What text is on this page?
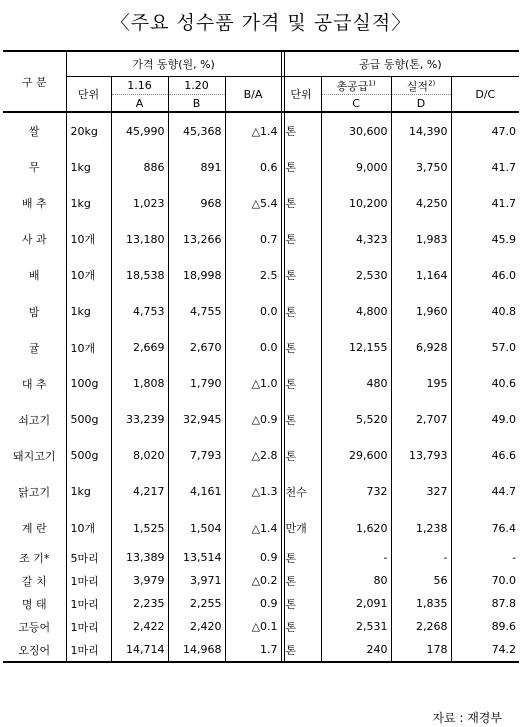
〈주요 성수품 가격 및 공급실적〉
구 분	가격 동향(원, %)				공급 동향(톤, %)			
	단위	1.16	1.20	B/A	단위	총공급$^{1)}$	실적$^{2)}$	D/C
		A	B			C	D	
쌀	20kg	45,990	45,368	△1.4	톤	30,600	14,390	47.0
무	1kg	886	891	0.6	톤	9,000	3,750	41.7
배 추	1kg	1,023	968	△5.4	톤	10,200	4,250	41.7
사 과	10개	13,180	13,266	0.7	톤	4,323	1,983	45.9
배	10개	18,538	18,998	2.5	톤	2,530	1,164	46.0
밤	1kg	4,753	4,755	0.0	톤	4,800	1,960	40.8
귤	10개	2,669	2,670	0.0	톤	12,155	6,928	57.0
대 추	100g	1,808	1,790	△1.0	톤	480	195	40.6
쇠고기	500g	33,239	32,945	△0.9	톤	5,520	2,707	49.0
돼지고기	500g	8,020	7,793	△2.8	톤	29,600	13,793	46.6
닭고기	1kg	4,217	4,161	△1.3	천수	732	327	44.7
계 란	10개	1,525	1,504	△1.4	만개	1,620	1,238	76.4
조 기*	5마리	13,389	13,514	0.9	톤	-	-	-
갈 치	1마리	3,979	3,971	△0.2	톤	80	56	70.0
명 태	1마리	2,235	2,255	0.9	톤	2,091	1,835	87.8
고등어	1마리	2,422	2,420	△0.1	톤	2,531	2,268	89.6
오징어	1마리	14,714	14,968	1.7	톤	240	178	74.2
자료 : 재경부
